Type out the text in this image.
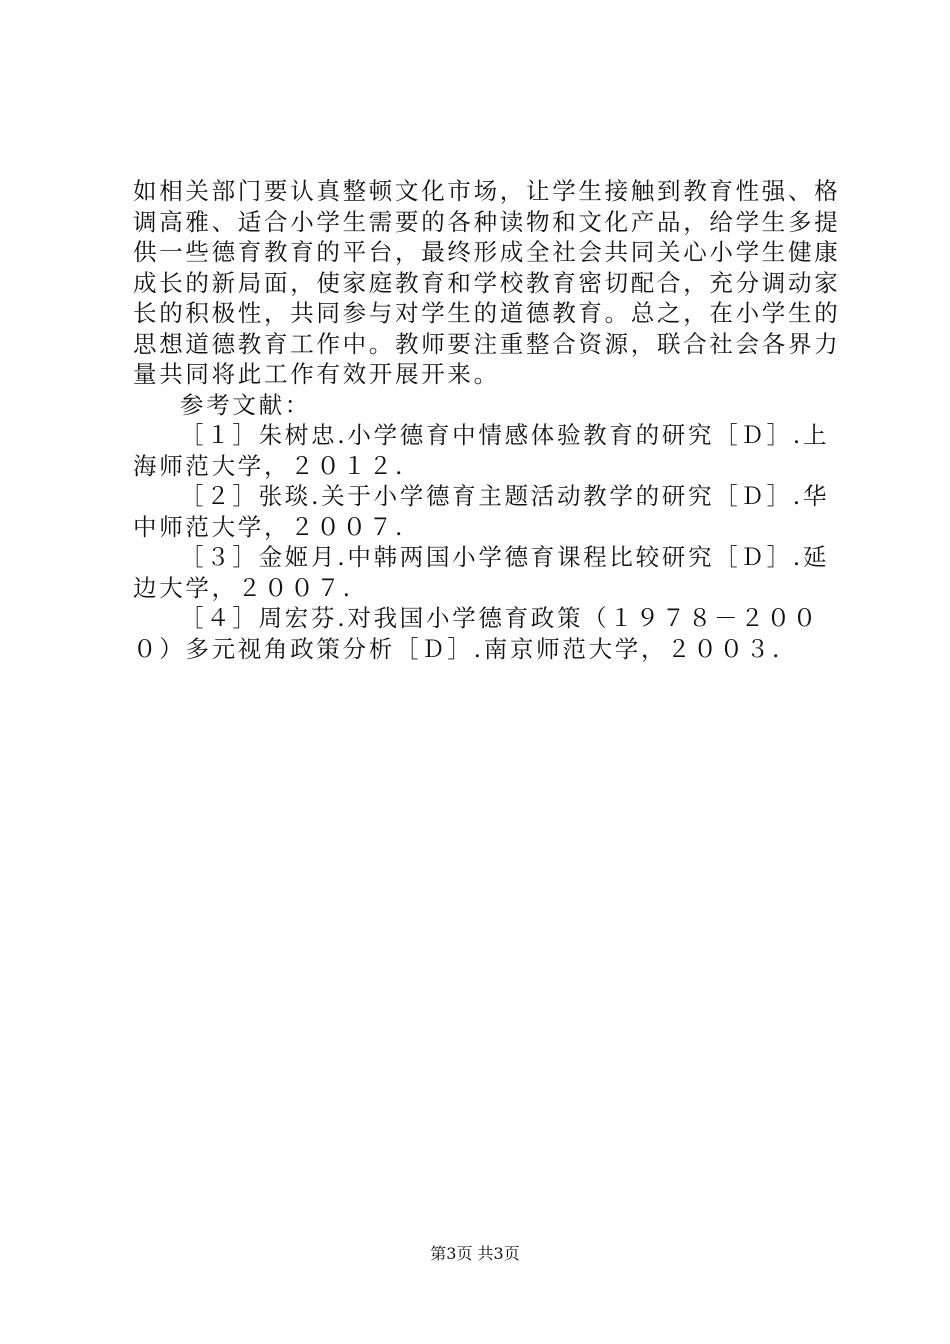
如相关部门要认真整顿文化市场，让学生接触到教育性强、格
调高雅、适合小学生需要的各种读物和文化产品，给学生多提
供一些德育教育的平台，最终形成全社会共同关心小学生健康
成长的新局面，使家庭教育和学校教育密切配合，充分调动家
长的积极性，共同参与对学生的道德教育。总之，在小学生的
思想道德教育工作中。教师要注重整合资源，联合社会各界力
量共同将此工作有效开展开来。
参考文献：
［１］朱树忠.小学德育中情感体验教育的研究［Ｄ］.上
海师范大学，２０１２.
［２］张琰.关于小学德育主题活动教学的研究［Ｄ］.华
中师范大学，２００７.
［３］金姬月.中韩两国小学德育课程比较研究［Ｄ］.延
边大学，２００７.
［４］周宏芬.对我国小学德育政策（１９７８－２００
０）多元视角政策分析［Ｄ］.南京师范大学，２００３.
第3页 共3页
